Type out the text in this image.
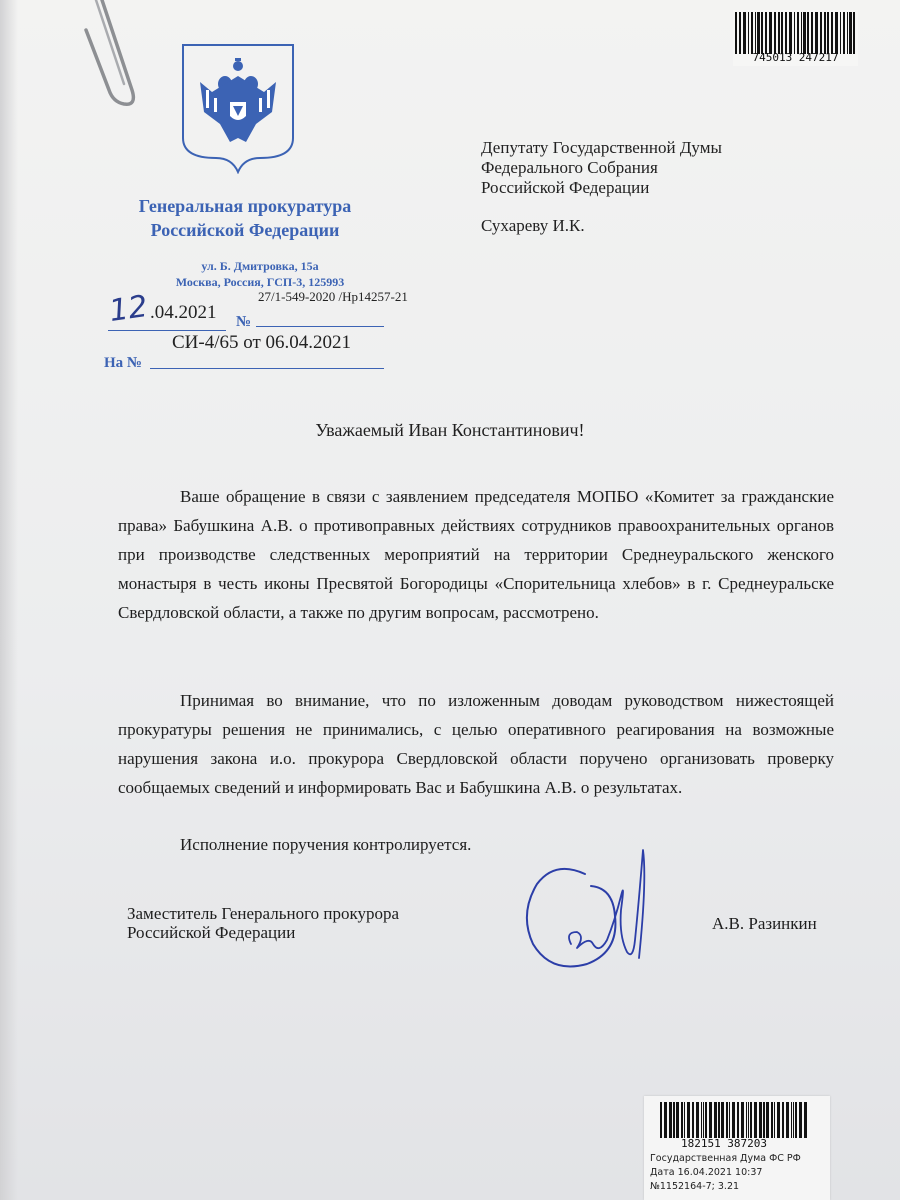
Генеральная прокуратура
Российской Федерации
ул. Б. Дмитровка, 15а
Москва, Россия, ГСП-3, 125993
12 .04.2021
27/1-549-2020 /Нр14257-21
№
СИ-4/65 от 06.04.2021
На №
Депутату Государственной Думы
Федерального Собрания
Российской Федерации
Сухареву И.К.
Уважаемый Иван Константинович!
Ваше обращение в связи с заявлением председателя МОПБО «Комитет за гражданские права» Бабушкина А.В. о противоправных действиях сотрудников правоохранительных органов при производстве следственных мероприятий на территории Среднеуральского женского монастыря в честь иконы Пресвятой Богородицы «Спорительница хлебов» в г. Среднеуральске Свердловской области, а также по другим вопросам, рассмотрено.
Принимая во внимание, что по изложенным доводам руководством нижестоящей прокуратуры решения не принимались, с целью оперативного реагирования на возможные нарушения закона и.о. прокурора Свердловской области поручено организовать проверку сообщаемых сведений и информировать Вас и Бабушкина А.В. о результатах.
Исполнение поручения контролируется.
Заместитель Генерального прокурора
Российской Федерации	А.В. Разинкин
745013 247217
182151 387203
Государственная Дума ФС РФ
Дата 16.04.2021 10:37
№1152164-7; 3.21
